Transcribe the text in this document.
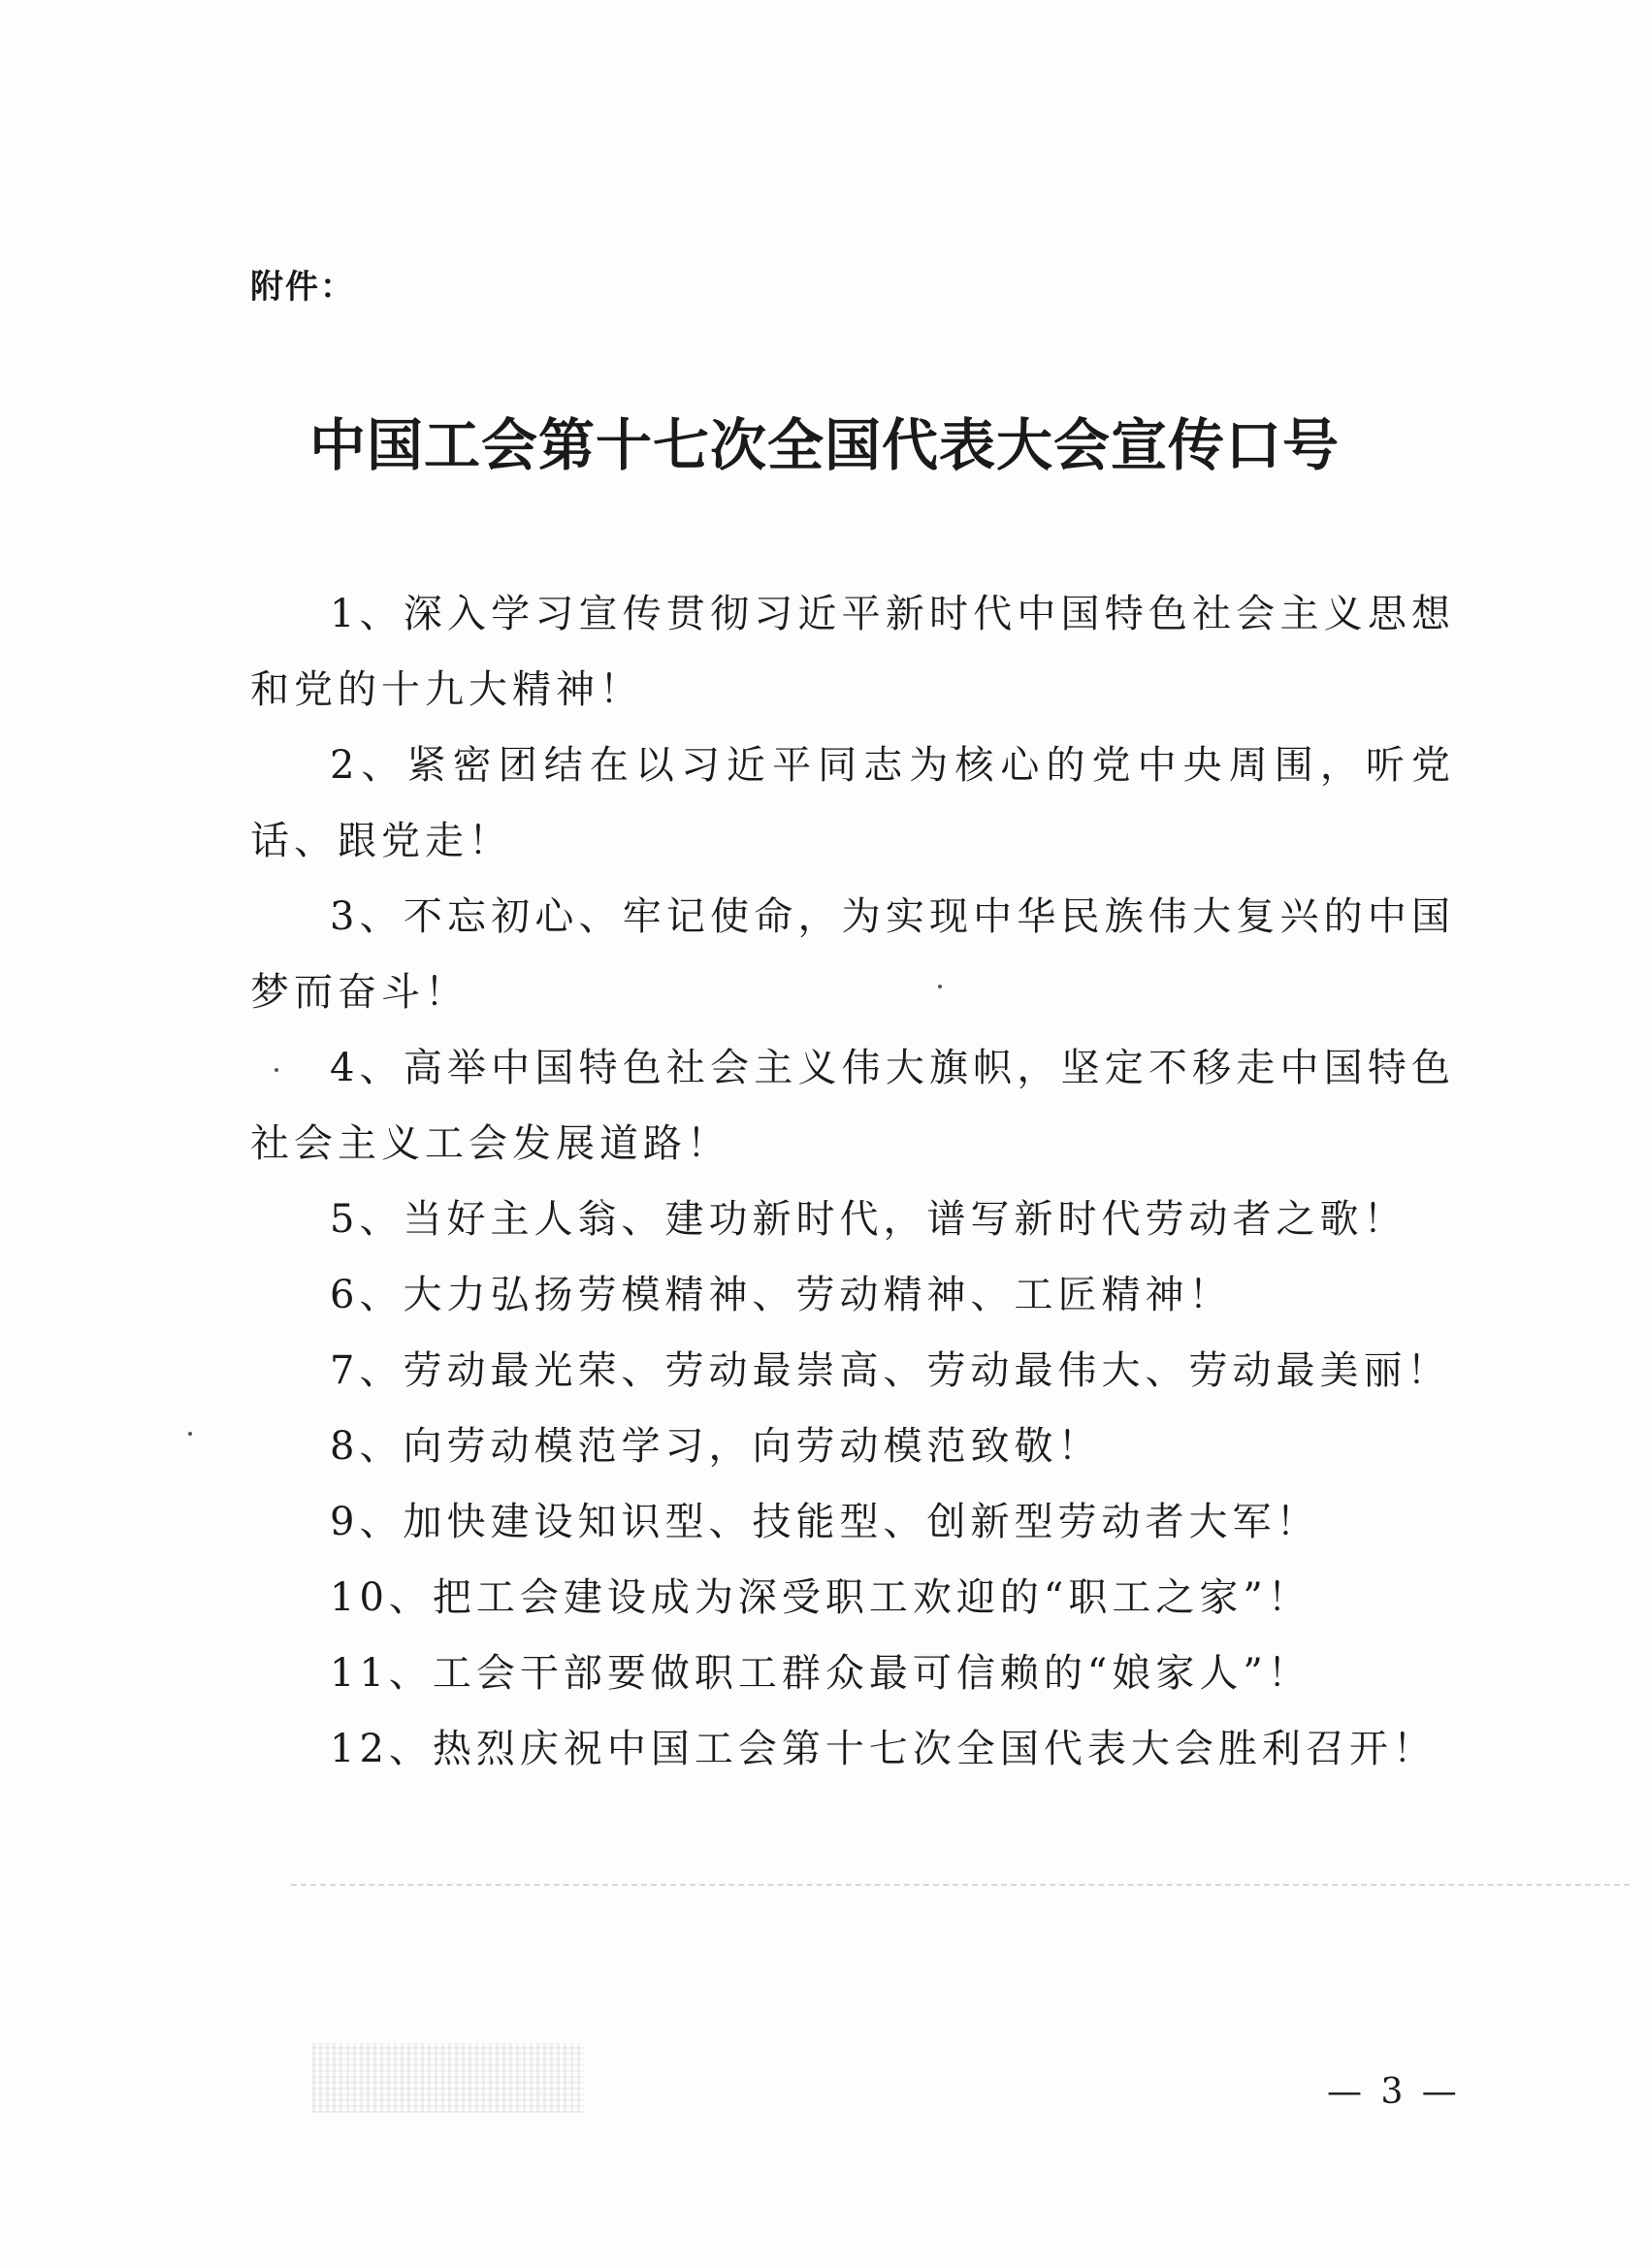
附件：
中国工会第十七次全国代表大会宣传口号
1、深入学习宣传贯彻习近平新时代中国特色社会主义思想和党的十九大精神！
2、紧密团结在以习近平同志为核心的党中央周围，听党话、跟党走！
3、不忘初心、牢记使命，为实现中华民族伟大复兴的中国梦而奋斗！
4、高举中国特色社会主义伟大旗帜，坚定不移走中国特色社会主义工会发展道路！
5、当好主人翁、建功新时代，谱写新时代劳动者之歌！
6、大力弘扬劳模精神、劳动精神、工匠精神！
7、劳动最光荣、劳动最崇高、劳动最伟大、劳动最美丽！
8、向劳动模范学习，向劳动模范致敬！
9、加快建设知识型、技能型、创新型劳动者大军！
10、把工会建设成为深受职工欢迎的“职工之家”！
11、工会干部要做职工群众最可信赖的“娘家人”！
12、热烈庆祝中国工会第十七次全国代表大会胜利召开！
— 3 —
